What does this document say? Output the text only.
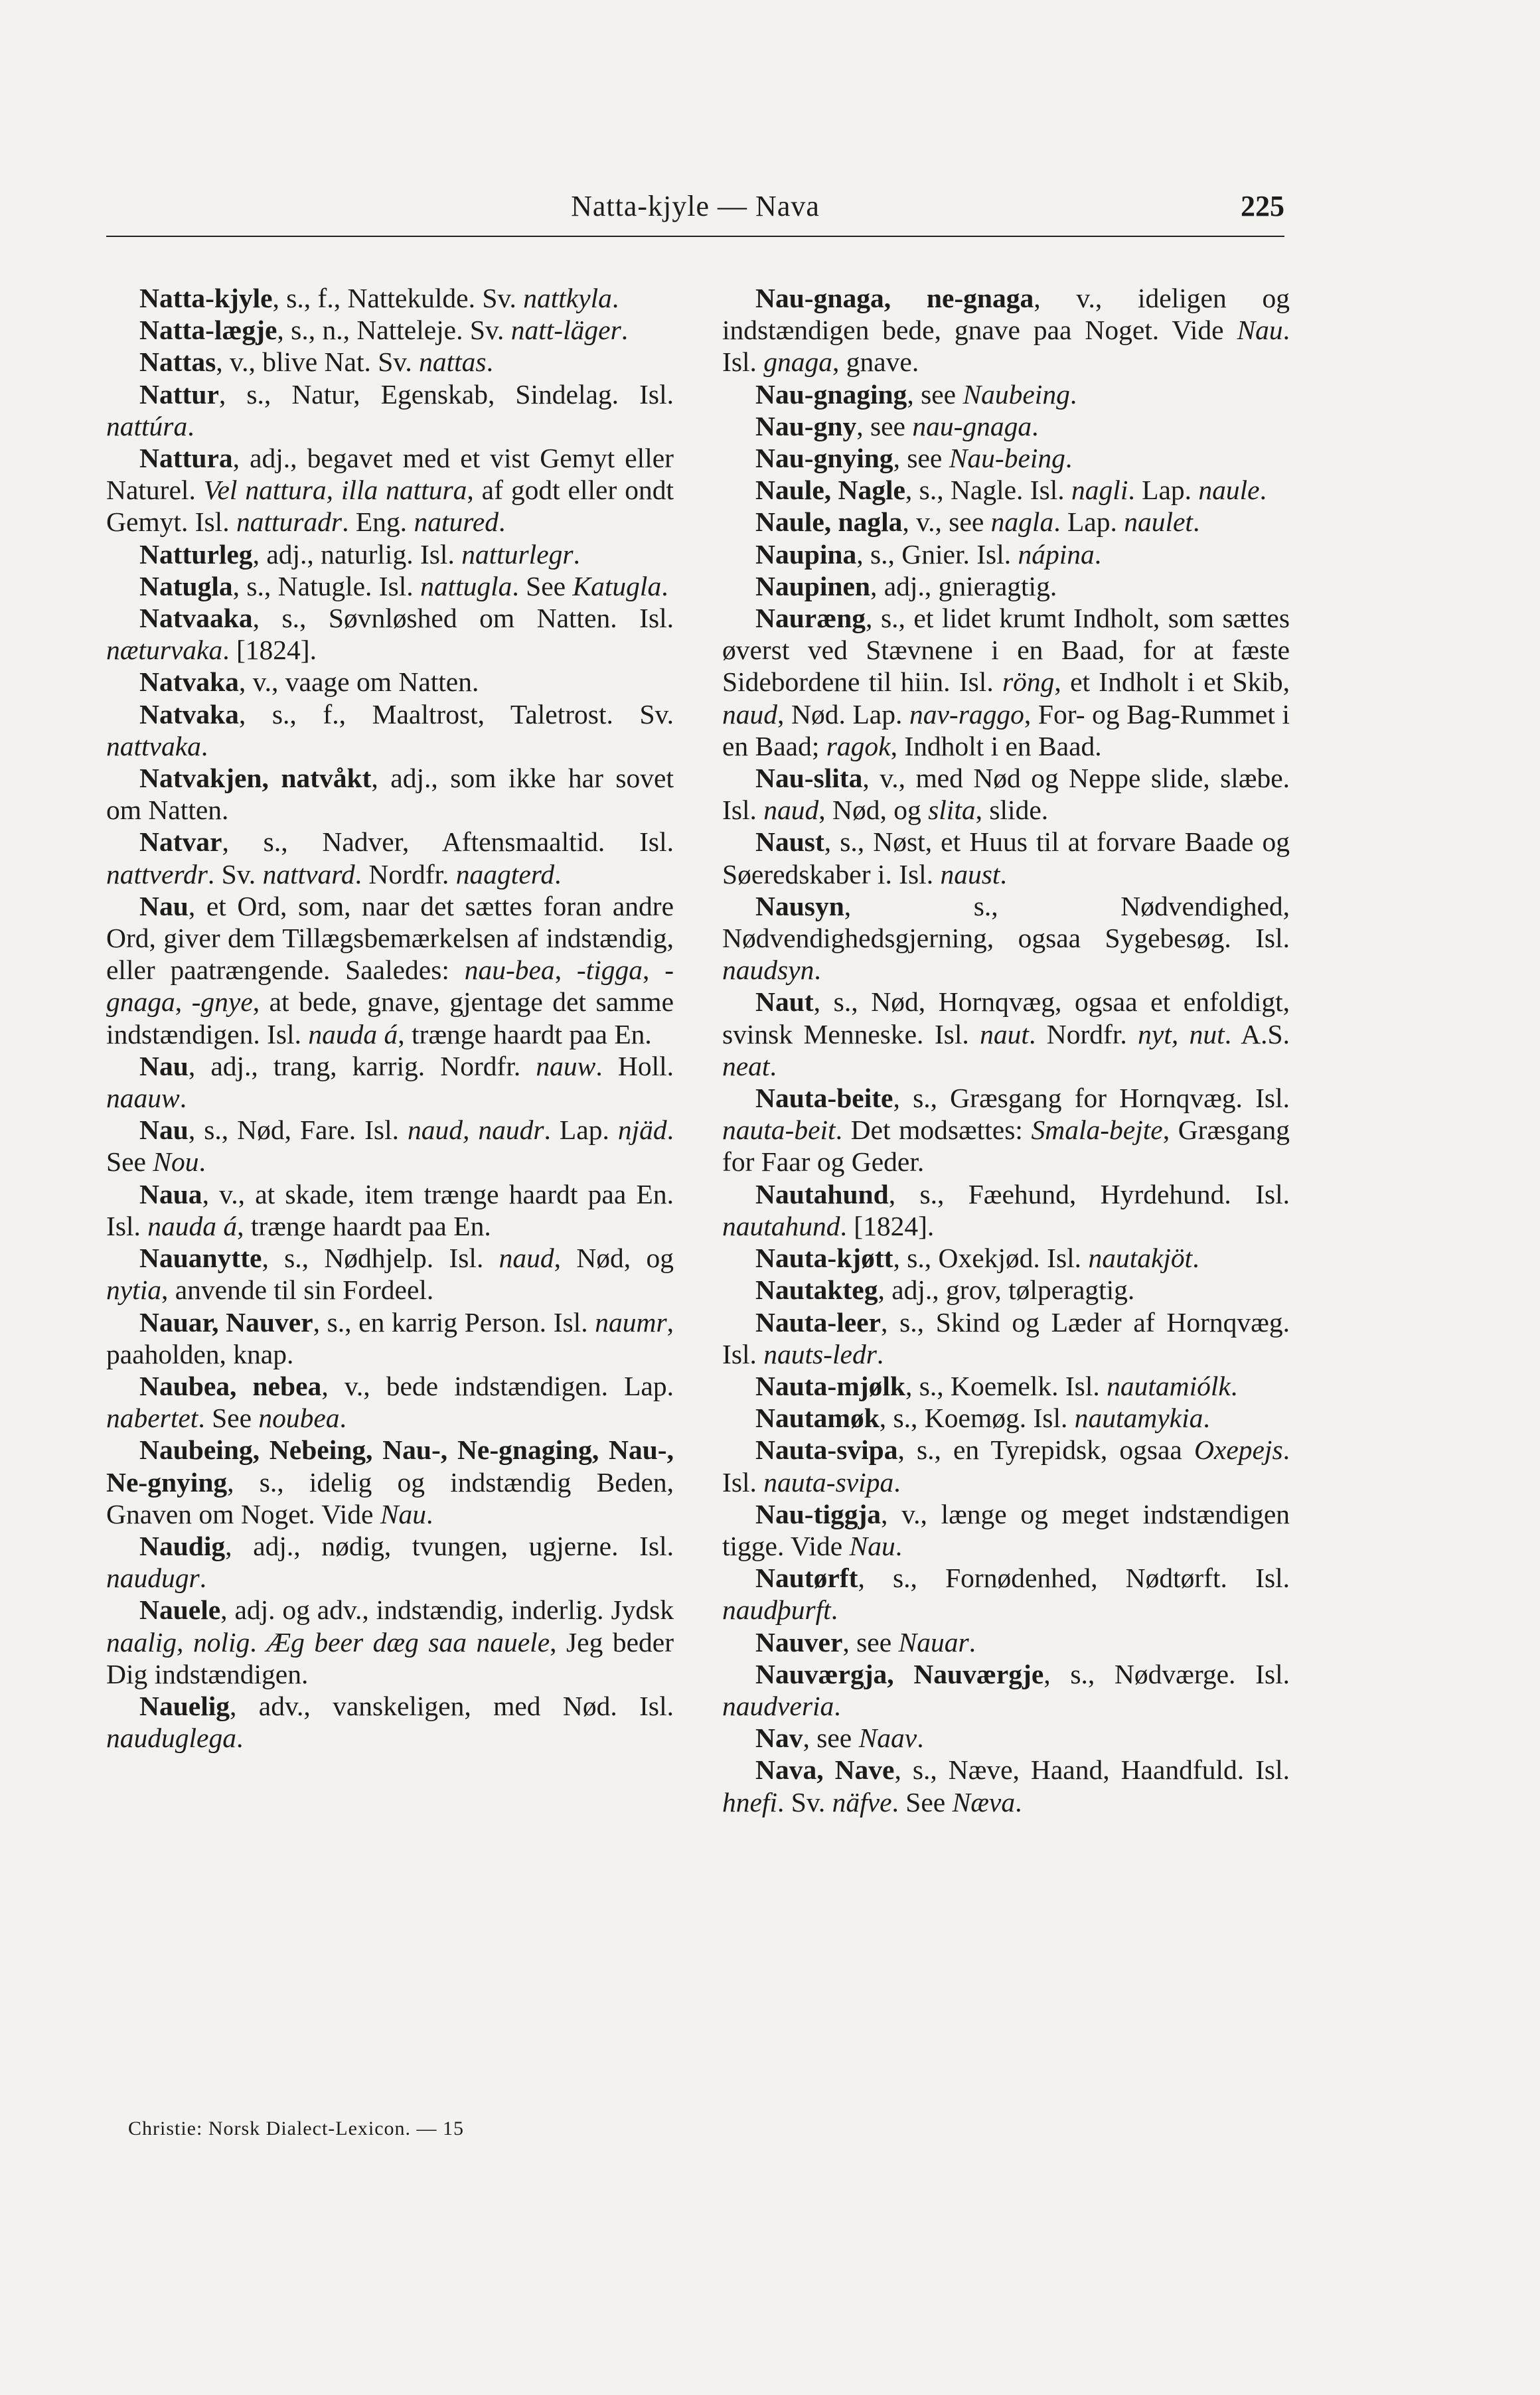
Natta-kjyle — Nava	225

Natta-kjyle, s., f., Nattekulde. Sv. nattkyla.

Natta-lægje, s., n., Natteleje. Sv. natt-läger.

Nattas, v., blive Nat. Sv. nattas.

Nattur, s., Natur, Egenskab, Sindelag. Isl. nattúra.

Nattura, adj., begavet med et vist Gemyt eller Naturel. Vel nattura, illa nattura, af godt eller ondt Gemyt. Isl. natturadr. Eng. natured.

Natturleg, adj., naturlig. Isl. natturlegr.

Natugla, s., Natugle. Isl. nattugla. See Katugla.

Natvaaka, s., Søvnløshed om Natten. Isl. næturvaka. [1824].

Natvaka, v., vaage om Natten.

Natvaka, s., f., Maaltrost, Taletrost. Sv. nattvaka.

Natvakjen, natvåkt, adj., som ikke har sovet om Natten.

Natvar, s., Nadver, Aftensmaaltid. Isl. nattverdr. Sv. nattvard. Nordfr. naagterd.

Nau, et Ord, som, naar det sættes foran andre Ord, giver dem Tillægsbemærkelsen af indstændig, eller paatrængende. Saaledes: nau-bea, -tigga, -gnaga, -gnye, at bede, gnave, gjentage det samme indstændigen. Isl. nauda á, trænge haardt paa En.

Nau, adj., trang, karrig. Nordfr. nauw. Holl. naauw.

Nau, s., Nød, Fare. Isl. naud, naudr. Lap. njäd. See Nou.

Naua, v., at skade, item trænge haardt paa En. Isl. nauda á, trænge haardt paa En.

Nauanytte, s., Nødhjelp. Isl. naud, Nød, og nytia, anvende til sin Fordeel.

Nauar, Nauver, s., en karrig Person. Isl. naumr, paaholden, knap.

Naubea, nebea, v., bede indstændigen. Lap. nabertet. See noubea.

Naubeing, Nebeing, Nau-, Ne-gnaging, Nau-, Ne-gnying, s., idelig og indstændig Beden, Gnaven om Noget. Vide Nau.

Naudig, adj., nødig, tvungen, ugjerne. Isl. naudugr.

Nauele, adj. og adv., indstændig, inderlig. Jydsk naalig, nolig. Æg beer dæg saa nauele, Jeg beder Dig indstændigen.

Nauelig, adv., vanskeligen, med Nød. Isl. nauduglega.

Nau-gnaga, ne-gnaga, v., ideligen og indstændigen bede, gnave paa Noget. Vide Nau. Isl. gnaga, gnave.

Nau-gnaging, see Naubeing.

Nau-gny, see nau-gnaga.

Nau-gnying, see Nau-being.

Naule, Nagle, s., Nagle. Isl. nagli. Lap. naule.

Naule, nagla, v., see nagla. Lap. naulet.

Naupina, s., Gnier. Isl. nápina.

Naupinen, adj., gnieragtig.

Nauræng, s., et lidet krumt Indholt, som sættes øverst ved Stævnene i en Baad, for at fæste Sidebordene til hiin. Isl. röng, et Indholt i et Skib, naud, Nød. Lap. nav-raggo, For- og Bag-Rummet i en Baad; ragok, Indholt i en Baad.

Nau-slita, v., med Nød og Neppe slide, slæbe. Isl. naud, Nød, og slita, slide.

Naust, s., Nøst, et Huus til at forvare Baade og Søeredskaber i. Isl. naust.

Nausyn, s., Nødvendighed, Nødvendighedsgjerning, ogsaa Sygebesøg. Isl. naudsyn.

Naut, s., Nød, Hornqvæg, ogsaa et enfoldigt, svinsk Menneske. Isl. naut. Nordfr. nyt, nut. A.S. neat.

Nauta-beite, s., Græsgang for Hornqvæg. Isl. nauta-beit. Det modsættes: Smala-bejte, Græsgang for Faar og Geder.

Nautahund, s., Fæehund, Hyrdehund. Isl. nautahund. [1824].

Nauta-kjøtt, s., Oxekjød. Isl. nautakjöt.

Nautakteg, adj., grov, tølperagtig.

Nauta-leer, s., Skind og Læder af Hornqvæg. Isl. nauts-ledr.

Nauta-mjølk, s., Koemelk. Isl. nautamiólk.

Nautamøk, s., Koemøg. Isl. nautamykia.

Nauta-svipa, s., en Tyrepidsk, ogsaa Oxepejs. Isl. nauta-svipa.

Nau-tiggja, v., længe og meget indstændigen tigge. Vide Nau.

Nautørft, s., Fornødenhed, Nødtørft. Isl. naudþurft.

Nauver, see Nauar.

Nauværgja, Nauværgje, s., Nødværge. Isl. naudveria.

Nav, see Naav.

Nava, Nave, s., Næve, Haand, Haandfuld. Isl. hnefi. Sv. näfve. See Næva.

Christie: Norsk Dialect-Lexicon. — 15
